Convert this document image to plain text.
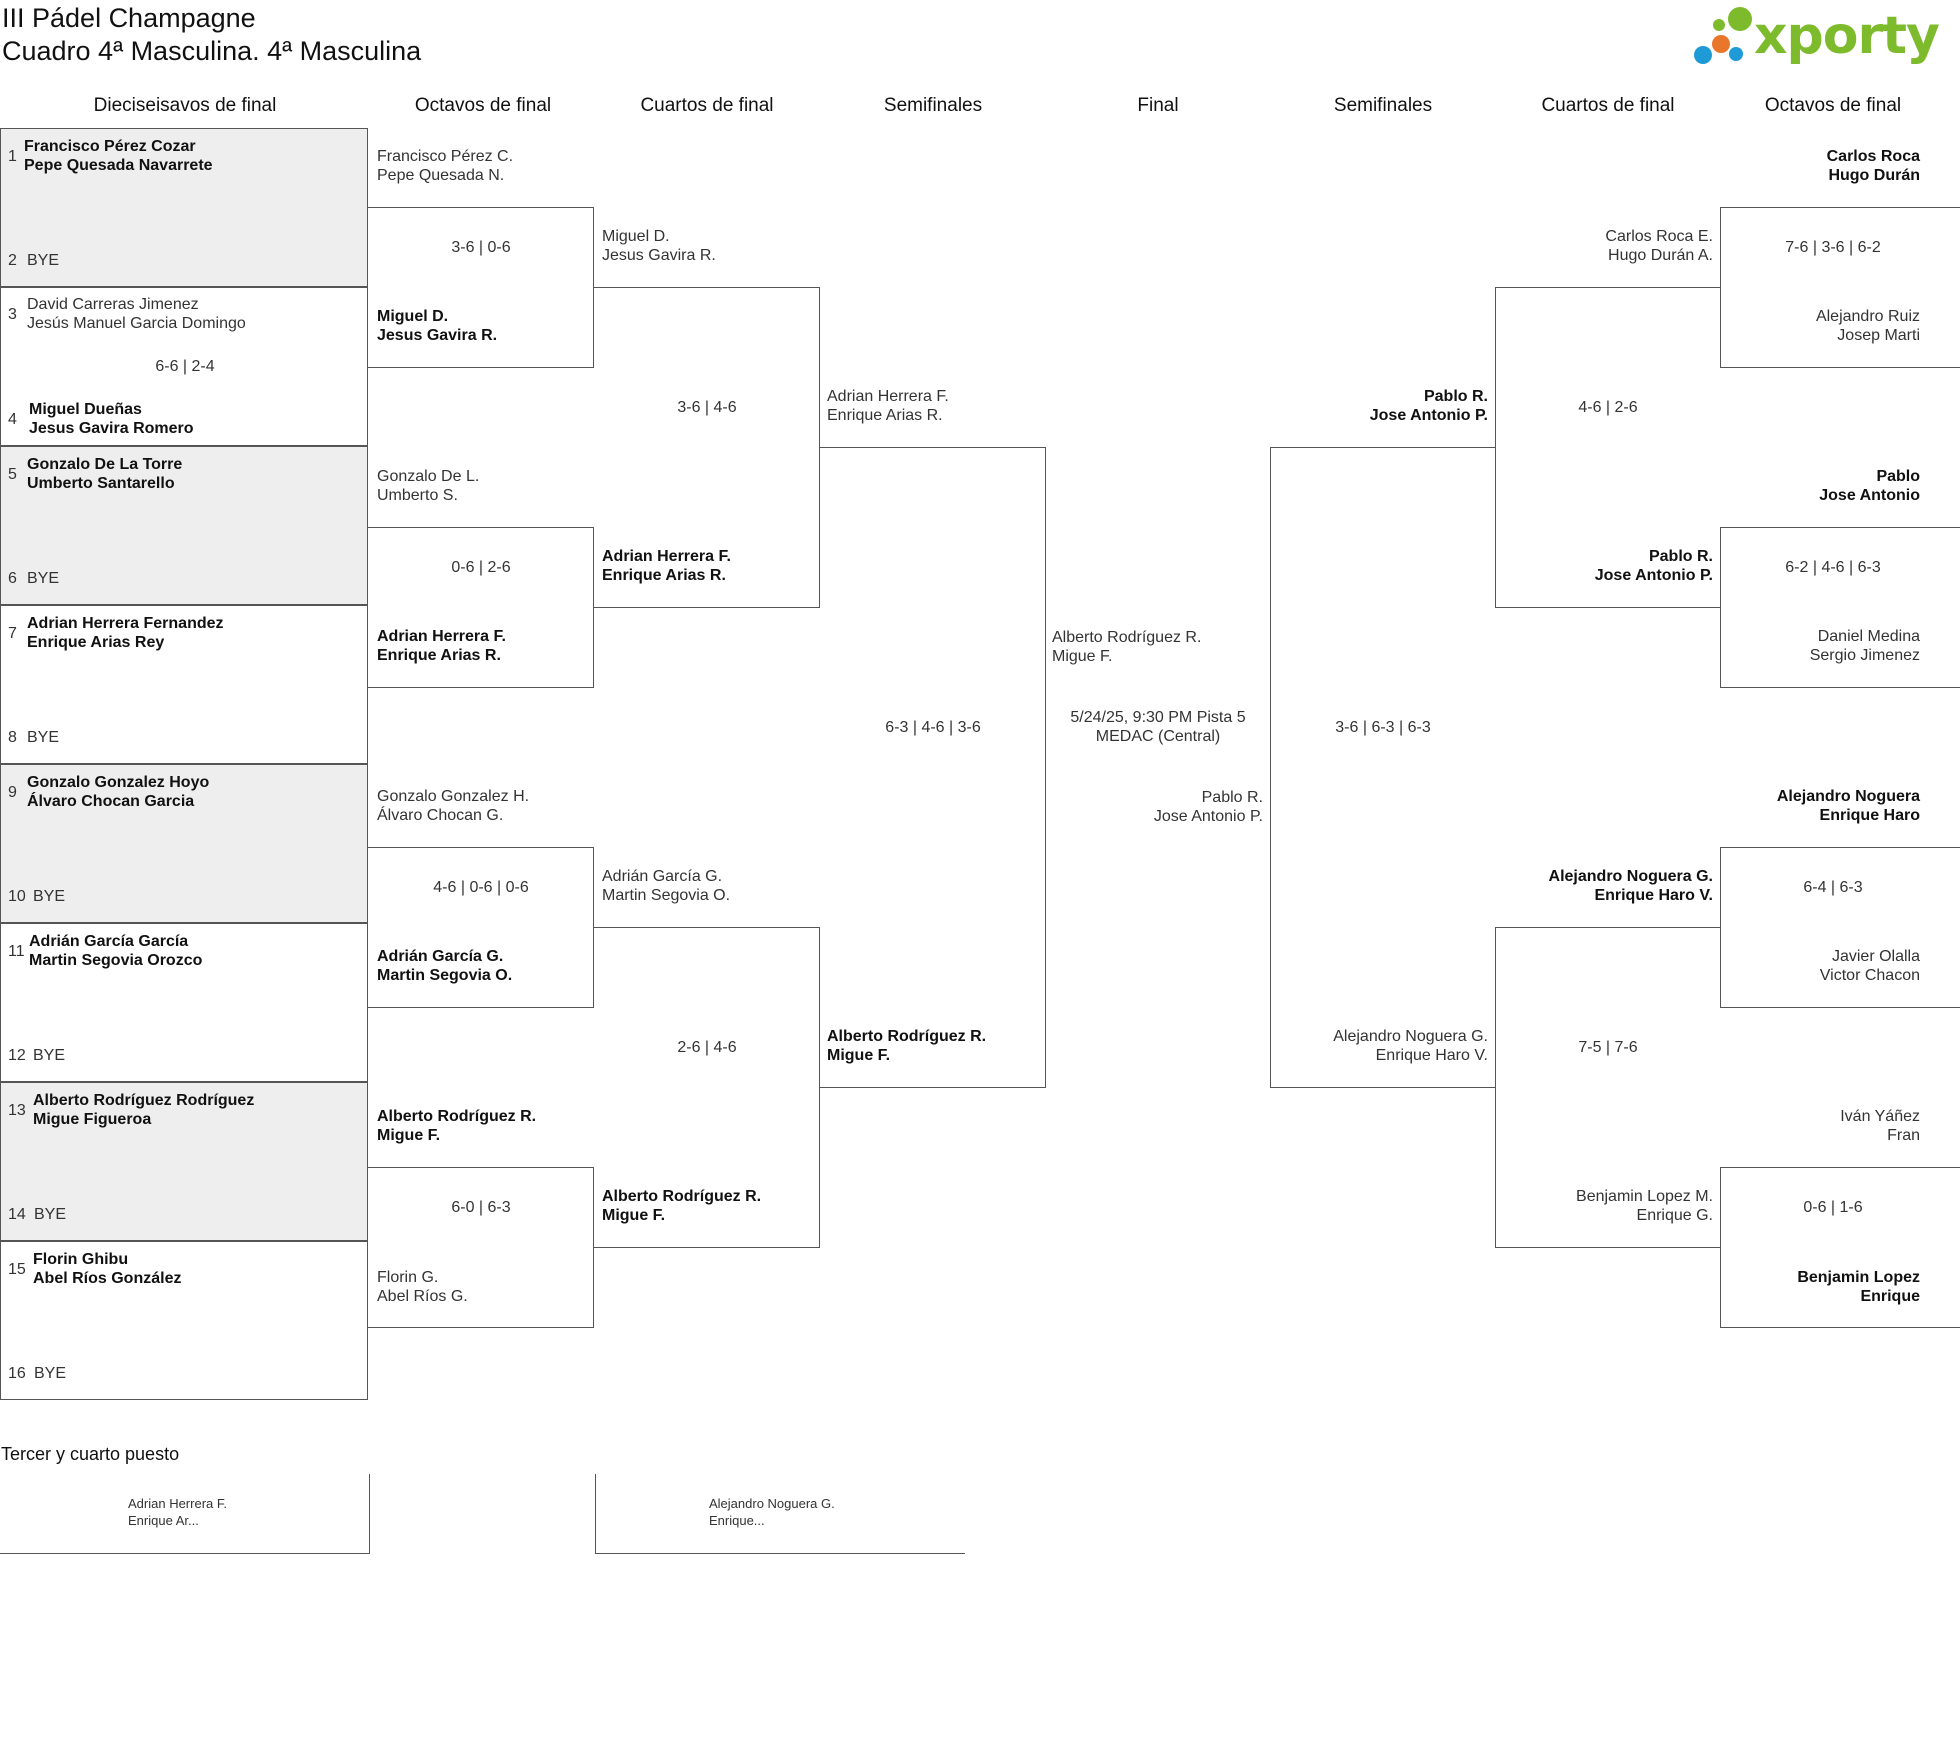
III Pádel Champagne
Cuadro 4ª Masculina. 4ª Masculina	xporty
Dieciseisavos de final	Octavos de final	Cuartos de final	Semifinales	Final	Semifinales	Cuartos de final	Octavos de final
1
Francisco Pérez Cozar
Pepe Quesada Navarrete
2 BYE
3
David Carreras Jimenez
Jesús Manuel Garcia Domingo
6-6 | 2-4
4
Miguel Dueñas
Jesus Gavira Romero
5
Gonzalo De La Torre
Umberto Santarello
6 BYE
7
Adrian Herrera Fernandez
Enrique Arias Rey
8 BYE
9
Gonzalo Gonzalez Hoyo
Álvaro Chocan Garcia
10 BYE
11
Adrián García García
Martin Segovia Orozco
12 BYE
13
Alberto Rodríguez Rodríguez
Migue Figueroa
14 BYE
15
Florin Ghibu
Abel Ríos González
16 BYE
Francisco Pérez C.
Pepe Quesada N.
3-6 | 0-6
Miguel D.
Jesus Gavira R.
Gonzalo De L.
Umberto S.
0-6 | 2-6
Adrian Herrera F.
Enrique Arias R.
Gonzalo Gonzalez H.
Álvaro Chocan G.
4-6 | 0-6 | 0-6
Adrián García G.
Martin Segovia O.
Alberto Rodríguez R.
Migue F.
6-0 | 6-3
Florin G.
Abel Ríos G.
Miguel D.
Jesus Gavira R.
3-6 | 4-6
Adrian Herrera F.
Enrique Arias R.
Adrián García G.
Martin Segovia O.
2-6 | 4-6
Alberto Rodríguez R.
Migue F.
Adrian Herrera F.
Enrique Arias R.
6-3 | 4-6 | 3-6
Alberto Rodríguez R.
Migue F.
Alberto Rodríguez R.
Migue F.
5/24/25, 9:30 PM Pista 5
MEDAC (Central)
Pablo R.
Jose Antonio P.
Pablo R.
Jose Antonio P.
3-6 | 6-3 | 6-3
Alejandro Noguera G.
Enrique Haro V.
Carlos Roca E.
Hugo Durán A.
4-6 | 2-6
Pablo R.
Jose Antonio P.
Alejandro Noguera G.
Enrique Haro V.
7-5 | 7-6
Benjamin Lopez M.
Enrique G.
Carlos Roca
Hugo Durán
7-6 | 3-6 | 6-2
Alejandro Ruiz
Josep Marti
Pablo
Jose Antonio
6-2 | 4-6 | 6-3
Daniel Medina
Sergio Jimenez
Alejandro Noguera
Enrique Haro
6-4 | 6-3
Javier Olalla
Victor Chacon
Iván Yáñez
Fran
0-6 | 1-6
Benjamin Lopez
Enrique
Tercer y cuarto puesto
Adrian Herrera F.
Enrique Ar...
Alejandro Noguera G.
Enrique...
